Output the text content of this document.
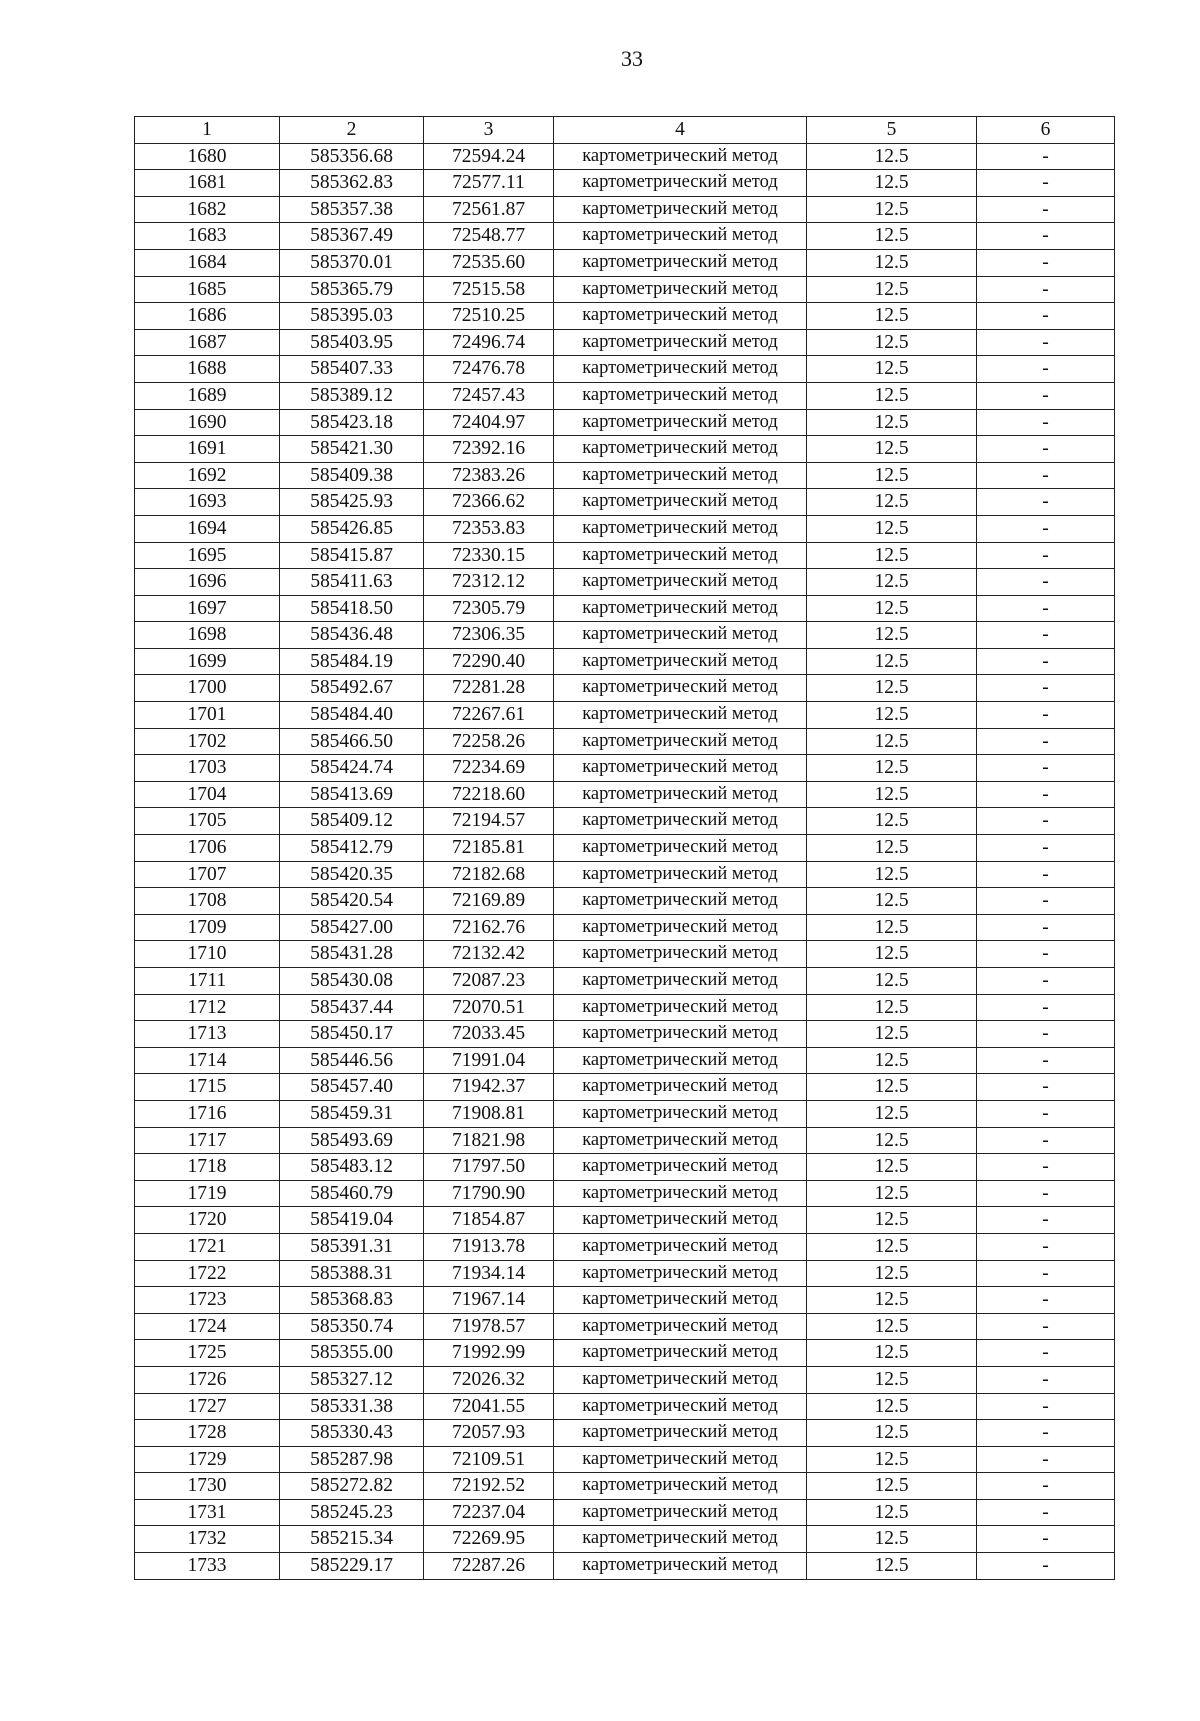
33
1	2	3	4	5	6
1680	585356.68	72594.24	картометрический метод	12.5	-
1681	585362.83	72577.11	картометрический метод	12.5	-
1682	585357.38	72561.87	картометрический метод	12.5	-
1683	585367.49	72548.77	картометрический метод	12.5	-
1684	585370.01	72535.60	картометрический метод	12.5	-
1685	585365.79	72515.58	картометрический метод	12.5	-
1686	585395.03	72510.25	картометрический метод	12.5	-
1687	585403.95	72496.74	картометрический метод	12.5	-
1688	585407.33	72476.78	картометрический метод	12.5	-
1689	585389.12	72457.43	картометрический метод	12.5	-
1690	585423.18	72404.97	картометрический метод	12.5	-
1691	585421.30	72392.16	картометрический метод	12.5	-
1692	585409.38	72383.26	картометрический метод	12.5	-
1693	585425.93	72366.62	картометрический метод	12.5	-
1694	585426.85	72353.83	картометрический метод	12.5	-
1695	585415.87	72330.15	картометрический метод	12.5	-
1696	585411.63	72312.12	картометрический метод	12.5	-
1697	585418.50	72305.79	картометрический метод	12.5	-
1698	585436.48	72306.35	картометрический метод	12.5	-
1699	585484.19	72290.40	картометрический метод	12.5	-
1700	585492.67	72281.28	картометрический метод	12.5	-
1701	585484.40	72267.61	картометрический метод	12.5	-
1702	585466.50	72258.26	картометрический метод	12.5	-
1703	585424.74	72234.69	картометрический метод	12.5	-
1704	585413.69	72218.60	картометрический метод	12.5	-
1705	585409.12	72194.57	картометрический метод	12.5	-
1706	585412.79	72185.81	картометрический метод	12.5	-
1707	585420.35	72182.68	картометрический метод	12.5	-
1708	585420.54	72169.89	картометрический метод	12.5	-
1709	585427.00	72162.76	картометрический метод	12.5	-
1710	585431.28	72132.42	картометрический метод	12.5	-
1711	585430.08	72087.23	картометрический метод	12.5	-
1712	585437.44	72070.51	картометрический метод	12.5	-
1713	585450.17	72033.45	картометрический метод	12.5	-
1714	585446.56	71991.04	картометрический метод	12.5	-
1715	585457.40	71942.37	картометрический метод	12.5	-
1716	585459.31	71908.81	картометрический метод	12.5	-
1717	585493.69	71821.98	картометрический метод	12.5	-
1718	585483.12	71797.50	картометрический метод	12.5	-
1719	585460.79	71790.90	картометрический метод	12.5	-
1720	585419.04	71854.87	картометрический метод	12.5	-
1721	585391.31	71913.78	картометрический метод	12.5	-
1722	585388.31	71934.14	картометрический метод	12.5	-
1723	585368.83	71967.14	картометрический метод	12.5	-
1724	585350.74	71978.57	картометрический метод	12.5	-
1725	585355.00	71992.99	картометрический метод	12.5	-
1726	585327.12	72026.32	картометрический метод	12.5	-
1727	585331.38	72041.55	картометрический метод	12.5	-
1728	585330.43	72057.93	картометрический метод	12.5	-
1729	585287.98	72109.51	картометрический метод	12.5	-
1730	585272.82	72192.52	картометрический метод	12.5	-
1731	585245.23	72237.04	картометрический метод	12.5	-
1732	585215.34	72269.95	картометрический метод	12.5	-
1733	585229.17	72287.26	картометрический метод	12.5	-
